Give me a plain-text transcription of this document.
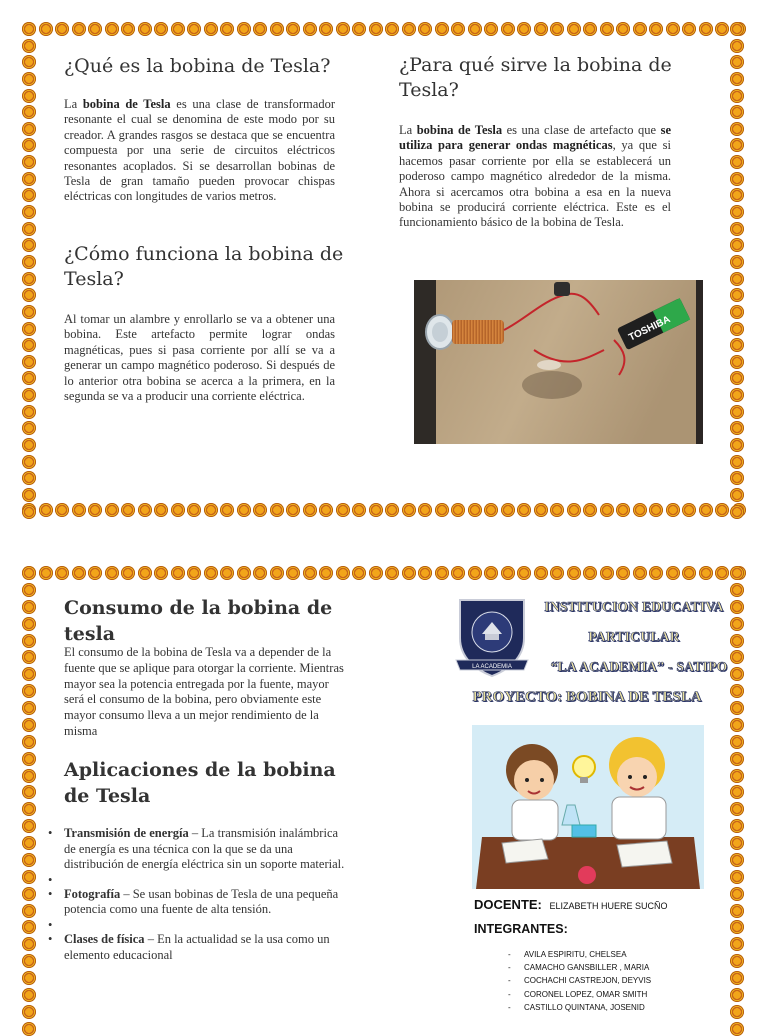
¿Qué es la bobina de Tesla?

La bobina de Tesla es una clase de transformador resonante el cual se denomina de este modo por su creador. A grandes rasgos se destaca que se encuentra compuesta por una serie de circuitos eléctricos resonantes acoplados. Si se desarrollan bobinas de Tesla de gran tamaño pueden provocar chispas eléctricas con longitudes de varios metros.

¿Cómo funciona la bobina de Tesla?

Al tomar un alambre y enrollarlo se va a obtener una bobina. Este artefacto permite lograr ondas magnéticas, pues si pasa corriente por allí se va a generar un campo magnético poderoso. Si después de lo anterior otra bobina se acerca a la primera, en la segunda se va a producir una corriente eléctrica.

¿Para qué sirve la bobina de Tesla?

La bobina de Tesla es una clase de artefacto que se utiliza para generar ondas magnéticas, ya que si hacemos pasar corriente por ella se establecerá un poderoso campo magnético alrededor de la misma. Ahora si acercamos otra bobina a esa en la nueva bobina se producirá corriente eléctrica. Este es el funcionamiento básico de la bobina de Tesla.

TOSHIBA
Consumo de la bobina de tesla

El consumo de la bobina de Tesla va a depender de la fuente que se aplique para otorgar la corriente. Mientras mayor sea la potencia entregada por la fuente, mayor será el consumo de la bobina, pero obviamente este mayor consumo lleva a un mejor rendimiento de la misma

Aplicaciones de la bobina de Tesla
• Transmisión de energía – La transmisión inalámbrica de energía es una técnica con la que se da una distribución de energía eléctrica sin un soporte material.
•
• Fotografía – Se usan bobinas de Tesla de una pequeña potencia como una fuente de alta tensión.
•
• Clases de física – En la actualidad se la usa como un elemento educacional
LA ACADEMIA
INSTITUCION EDUCATIVA
PARTICULAR
“LA ACADEMIA” - SATIPO
PROYECTO: BOBINA DE TESLA
DOCENTE: ELIZABETH HUERE SUCÑO
INTEGRANTES:
- AVILA ESPIRITU, CHELSEA
- CAMACHO GANSBILLER , MARIA
- COCHACHI CASTREJON, DEYVIS
- CORONEL LOPEZ, OMAR SMITH
- CASTILLO QUINTANA, JOSENID
